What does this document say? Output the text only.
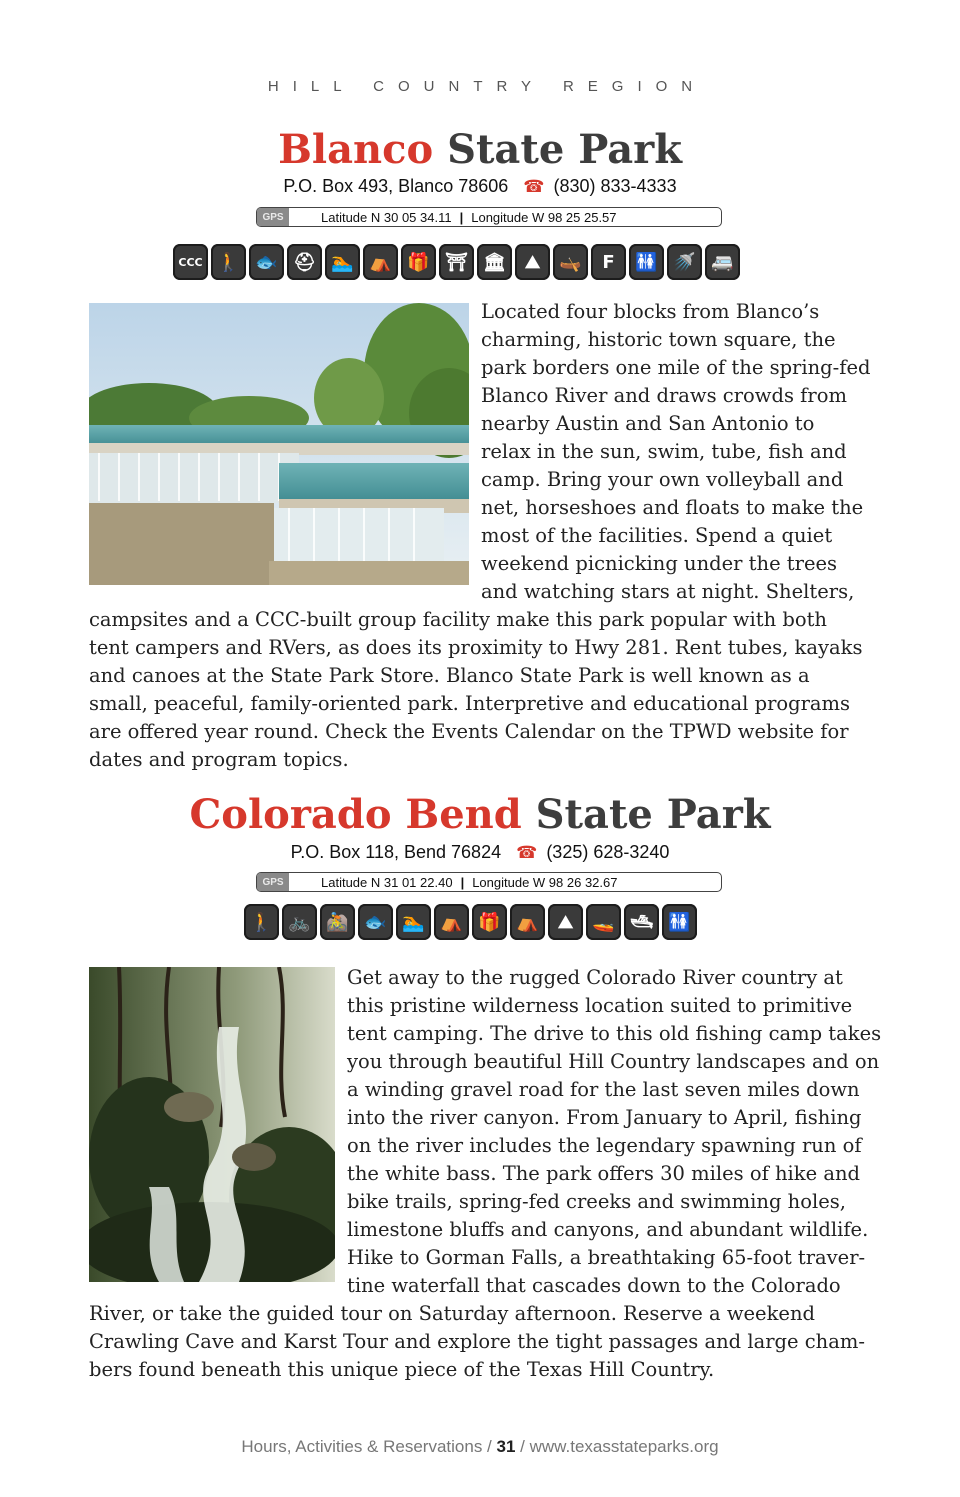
HILL COUNTRY REGION
Blanco State Park
P.O. Box 493, Blanco 78606 ☎ (830) 833-4333
GPS	Latitude N 30 05 34.11 | Longitude W 98 25 25.57
CCC 🚶 🐟 ⛑ 🏊 ⛺ 🎁 ⛩ 🏛	⛰	🛶	F	🚻 🚿 🚐
Located four blocks from Blanco’s
charming, historic town square, the
park borders one mile of the spring-fed
Blanco River and draws crowds from
nearby Austin and San Antonio to
relax in the sun, swim, tube, fish and
camp. Bring your own volleyball and
net, horseshoes and floats to make the
most of the facilities. Spend a quiet
weekend picnicking under the trees
and watching stars at night. Shelters,
campsites and a CCC-built group facility make this park popular with both
tent campers and RVers, as does its proximity to Hwy 281. Rent tubes, kayaks
and canoes at the State Park Store. Blanco State Park is well known as a
small, peaceful, family-oriented park. Interpretive and educational programs
are offered year round. Check the Events Calendar on the TPWD website for
dates and program topics.
Colorado Bend State Park
P.O. Box 118, Bend 76824 ☎ (325) 628-3240
GPS	Latitude N 31 01 22.40 | Longitude W 98 26 32.67
🚶 🚲 🚵 🐟 🏊 ⛺ 🎁 ⛺	⛰	🚤 🛥 🚻
Get away to the rugged Colorado River country at
this pristine wilderness location suited to primitive
tent camping. The drive to this old fishing camp takes
you through beautiful Hill Country landscapes and on
a winding gravel road for the last seven miles down
into the river canyon. From January to April, fishing
on the river includes the legendary spawning run of
the white bass. The park offers 30 miles of hike and
bike trails, spring-fed creeks and swimming holes,
limestone bluffs and canyons, and abundant wildlife.
Hike to Gorman Falls, a breathtaking 65-foot traver-
tine waterfall that cascades down to the Colorado
River, or take the guided tour on Saturday afternoon. Reserve a weekend
Crawling Cave and Karst Tour and explore the tight passages and large cham-
bers found beneath this unique piece of the Texas Hill Country.
Hours, Activities & Reservations / 31 / www.texasstateparks.org
